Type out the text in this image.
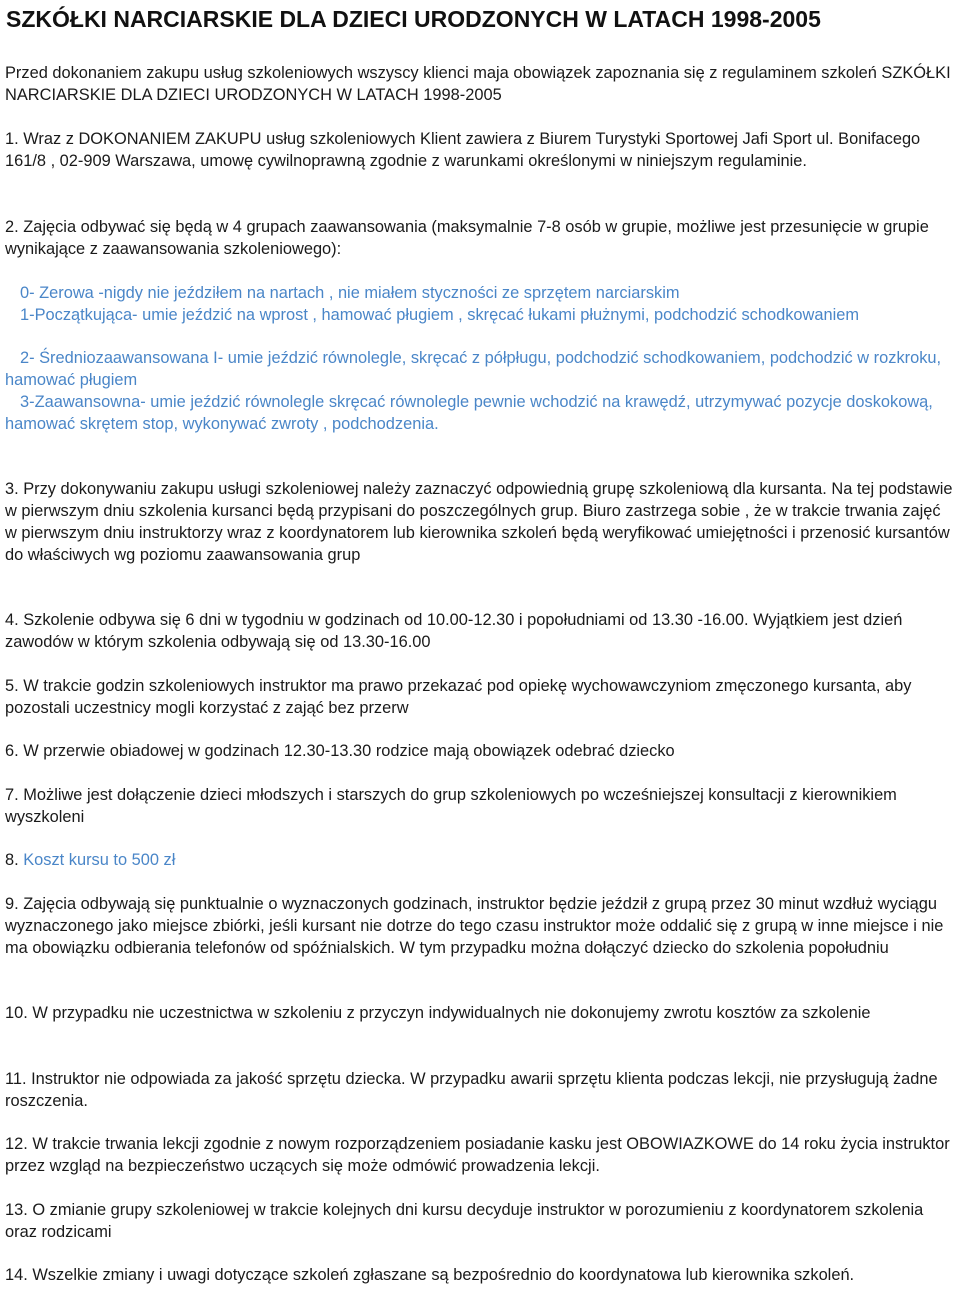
SZKÓŁKI NARCIARSKIE DLA DZIECI URODZONYCH W LATACH 1998-2005

Przed dokonaniem zakupu usług szkoleniowych wszyscy klienci maja obowiązek zapoznania się z regulaminem szkoleń SZKÓŁKI NARCIARSKIE DLA DZIECI URODZONYCH W LATACH 1998-2005

1. Wraz z DOKONANIEM ZAKUPU usług szkoleniowych Klient zawiera z Biurem Turystyki Sportowej Jafi Sport ul. Bonifacego 161/8 , 02-909 Warszawa, umowę cywilnoprawną zgodnie z warunkami określonymi w niniejszym regulaminie.

2. Zajęcia odbywać się będą w 4 grupach zaawansowania (maksymalnie 7-8 osób w grupie, możliwe jest przesunięcie w grupie wynikające z zaawansowania szkoleniowego):

0- Zerowa -nigdy nie jeździłem na nartach , nie miałem styczności ze sprzętem narciarskim

1-Początkująca- umie jeździć na wprost , hamować pługiem , skręcać łukami płużnymi, podchodzić schodkowaniem

2- Średniozaawansowana I- umie jeździć równolegle, skręcać z półpługu, podchodzić schodkowaniem, podchodzić w rozkroku, hamować pługiem

3-Zaawansowna- umie jeździć równolegle skręcać równolegle pewnie wchodzić na krawędź, utrzymywać pozycje doskokową, hamować skrętem stop, wykonywać zwroty , podchodzenia.

3. Przy dokonywaniu zakupu usługi szkoleniowej należy zaznaczyć odpowiednią grupę szkoleniową dla kursanta. Na tej podstawie w pierwszym dniu szkolenia kursanci będą przypisani do poszczególnych grup. Biuro zastrzega sobie , że w trakcie trwania zajęć w pierwszym dniu instruktorzy wraz z koordynatorem lub kierownika szkoleń będą weryfikować umiejętności i przenosić kursantów do właściwych wg poziomu zaawansowania grup

4. Szkolenie odbywa się 6 dni w tygodniu w godzinach od 10.00-12.30 i popołudniami od 13.30 -16.00. Wyjątkiem jest dzień zawodów w którym szkolenia odbywają się od 13.30-16.00

5. W trakcie godzin szkoleniowych instruktor ma prawo przekazać pod opiekę wychowawczyniom zmęczonego kursanta, aby pozostali uczestnicy mogli korzystać z zająć bez przerw

6. W przerwie obiadowej w godzinach 12.30-13.30 rodzice mają obowiązek odebrać dziecko

7. Możliwe jest dołączenie dzieci młodszych i starszych do grup szkoleniowych po wcześniejszej konsultacji z kierownikiem wyszkoleni

8. Koszt kursu to 500 zł

9. Zajęcia odbywają się punktualnie o wyznaczonych godzinach, instruktor będzie jeździł z grupą przez 30 minut wzdłuż wyciągu wyznaczonego jako miejsce zbiórki, jeśli kursant nie dotrze do tego czasu instruktor może oddalić się z grupą w inne miejsce i nie ma obowiązku odbierania telefonów od spóźnialskich. W tym przypadku można dołączyć dziecko do szkolenia popołudniu

10. W przypadku nie uczestnictwa w szkoleniu z przyczyn indywidualnych nie dokonujemy zwrotu kosztów za szkolenie

11. Instruktor nie odpowiada za jakość sprzętu dziecka. W przypadku awarii sprzętu klienta podczas lekcji, nie przysługują żadne roszczenia.

12. W trakcie trwania lekcji zgodnie z nowym rozporządzeniem posiadanie kasku jest OBOWIAZKOWE do 14 roku życia instruktor przez wzgląd na bezpieczeństwo uczących się może odmówić prowadzenia lekcji.

13. O zmianie grupy szkoleniowej w trakcie kolejnych dni kursu decyduje instruktor w porozumieniu z koordynatorem szkolenia oraz rodzicami

14. Wszelkie zmiany i uwagi dotyczące szkoleń zgłaszane są bezpośrednio do koordynatowa lub kierownika szkoleń.
